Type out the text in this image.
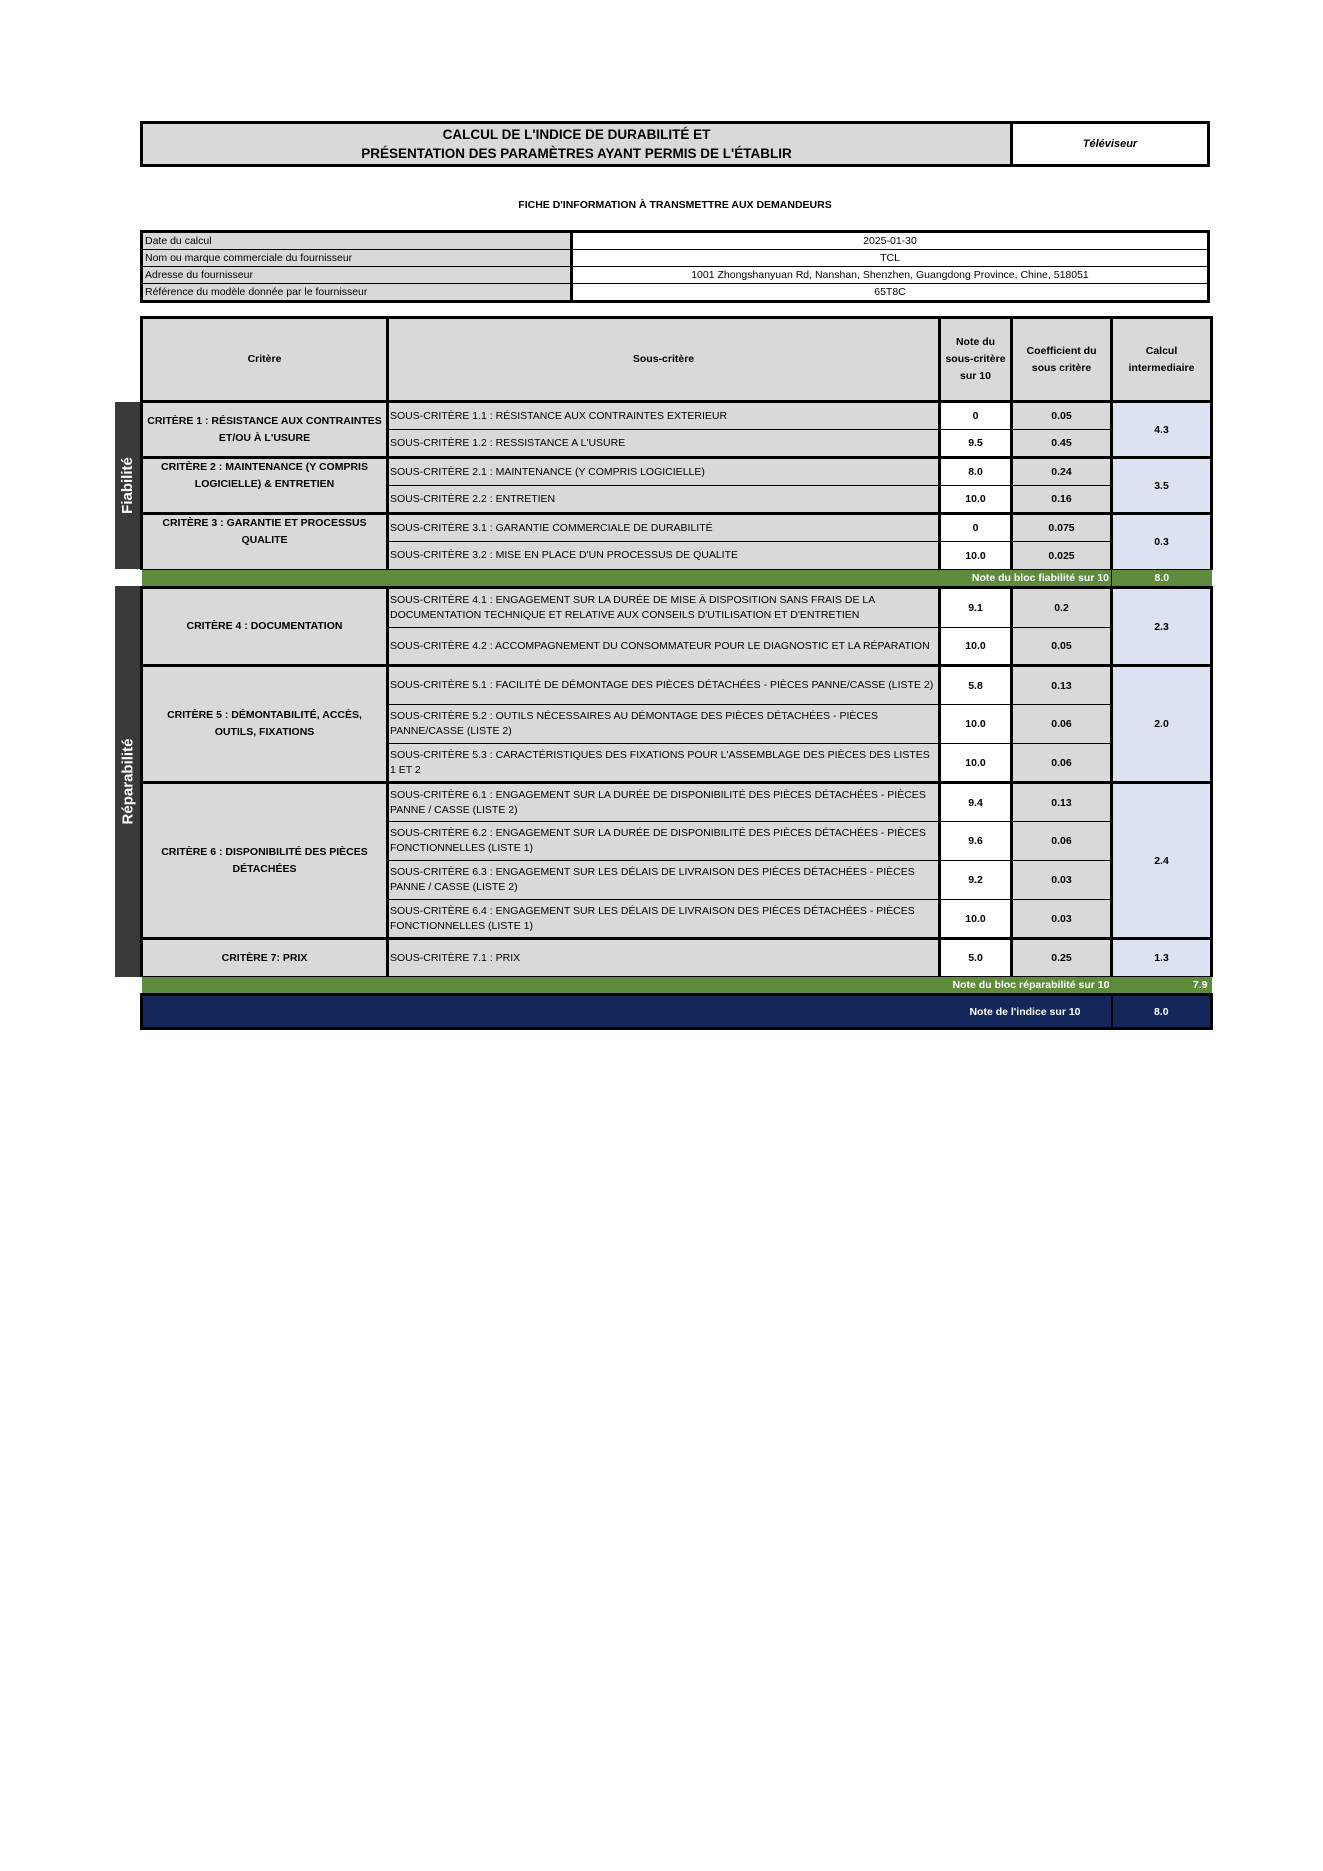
CALCUL DE L'INDICE DE DURABILITÉ ET
PRÉSENTATION DES PARAMÈTRES AYANT PERMIS DE L'ÉTABLIR
Téléviseur
FICHE D'INFORMATION À TRANSMETTRE AUX DEMANDEURS
Date du calcul	2025-01-30
Nom ou marque commerciale du fournisseur	TCL
Adresse du fournisseur	1001 Zhongshanyuan Rd, Nanshan, Shenzhen, Guangdong Province, Chine, 518051
Référence du modèle donnée par le fournisseur	65T8C
Fiabilité
Réparabilité
Critère	Sous-critère	Note du sous-critère sur 10	Coefficient du sous critère	Calcul intermediaire
CRITÈRE 1 : RÉSISTANCE AUX CONTRAINTES ET/OU À L'USURE	SOUS-CRITÈRE 1.1 : RÉSISTANCE AUX CONTRAINTES EXTERIEUR	0	0.05	4.3
	SOUS-CRITÈRE 1.2 : RESSISTANCE A L'USURE	9.5	0.45	
CRITÈRE 2 : MAINTENANCE (Y COMPRIS LOGICIELLE) & ENTRETIEN	SOUS-CRITÈRE 2.1 : MAINTENANCE (Y COMPRIS LOGICIELLE)	8.0	0.24	3.5
	SOUS-CRITÈRE 2.2 : ENTRETIEN	10.0	0.16	
CRITÈRE 3 : GARANTIE ET PROCESSUS QUALITE	SOUS-CRITÈRE 3.1 : GARANTIE COMMERCIALE DE DURABILITÉ	0	0.075	0.3
	SOUS-CRITÈRE 3.2 : MISE EN PLACE D'UN PROCESSUS DE QUALITE	10.0	0.025	
Note du bloc fiabilité sur 10				8.0
CRITÈRE 4 : DOCUMENTATION	SOUS-CRITÈRE 4.1 : ENGAGEMENT SUR LA DURÉE DE MISE À DISPOSITION SANS FRAIS DE LA DOCUMENTATION TECHNIQUE ET RELATIVE AUX CONSEILS D'UTILISATION ET D'ENTRETIEN	9.1	0.2	2.3
	SOUS-CRITÈRE 4.2 : ACCOMPAGNEMENT DU CONSOMMATEUR POUR LE DIAGNOSTIC ET LA RÉPARATION	10.0	0.05	
CRITÈRE 5 : DÉMONTABILITÉ, ACCÈS, OUTILS, FIXATIONS	SOUS-CRITÈRE 5.1 : FACILITÉ DE DÉMONTAGE DES PIÈCES DÉTACHÉES - PIÈCES PANNE/CASSE (LISTE 2)	5.8	0.13	2.0
	SOUS-CRITÈRE 5.2 : OUTILS NÉCESSAIRES AU DÉMONTAGE DES PIÈCES DÉTACHÉES - PIÈCES PANNE/CASSE (LISTE 2)	10.0	0.06	
	SOUS-CRITÈRE 5.3 : CARACTÉRISTIQUES DES FIXATIONS POUR L'ASSEMBLAGE DES PIÈCES DES LISTES 1 ET 2	10.0	0.06	
CRITÈRE 6 : DISPONIBILITÉ DES PIÈCES DÉTACHÉES	SOUS-CRITÈRE 6.1 : ENGAGEMENT SUR LA DURÉE DE DISPONIBILITÉ DES PIÈCES DÉTACHÉES - PIÈCES PANNE / CASSE (LISTE 2)	9.4	0.13	2.4
	SOUS-CRITÈRE 6.2 : ENGAGEMENT SUR LA DURÉE DE DISPONIBILITÉ DES PIÈCES DÉTACHÉES - PIÈCES FONCTIONNELLES (LISTE 1)	9.6	0.06	
	SOUS-CRITÈRE 6.3 : ENGAGEMENT SUR LES DÉLAIS DE LIVRAISON DES PIÈCES DÉTACHÉES - PIÈCES PANNE / CASSE (LISTE 2)	9.2	0.03	
	SOUS-CRITÈRE 6.4 : ENGAGEMENT SUR LES DÉLAIS DE LIVRAISON DES PIÈCES DÉTACHÉES - PIÈCES FONCTIONNELLES (LISTE 1)	10.0	0.03	
CRITÈRE 7: PRIX	SOUS-CRITÈRE 7.1 : PRIX	5.0	0.25	1.3
Note du bloc réparabilité sur 10				7.9
Note de l'indice sur 10				8.0
